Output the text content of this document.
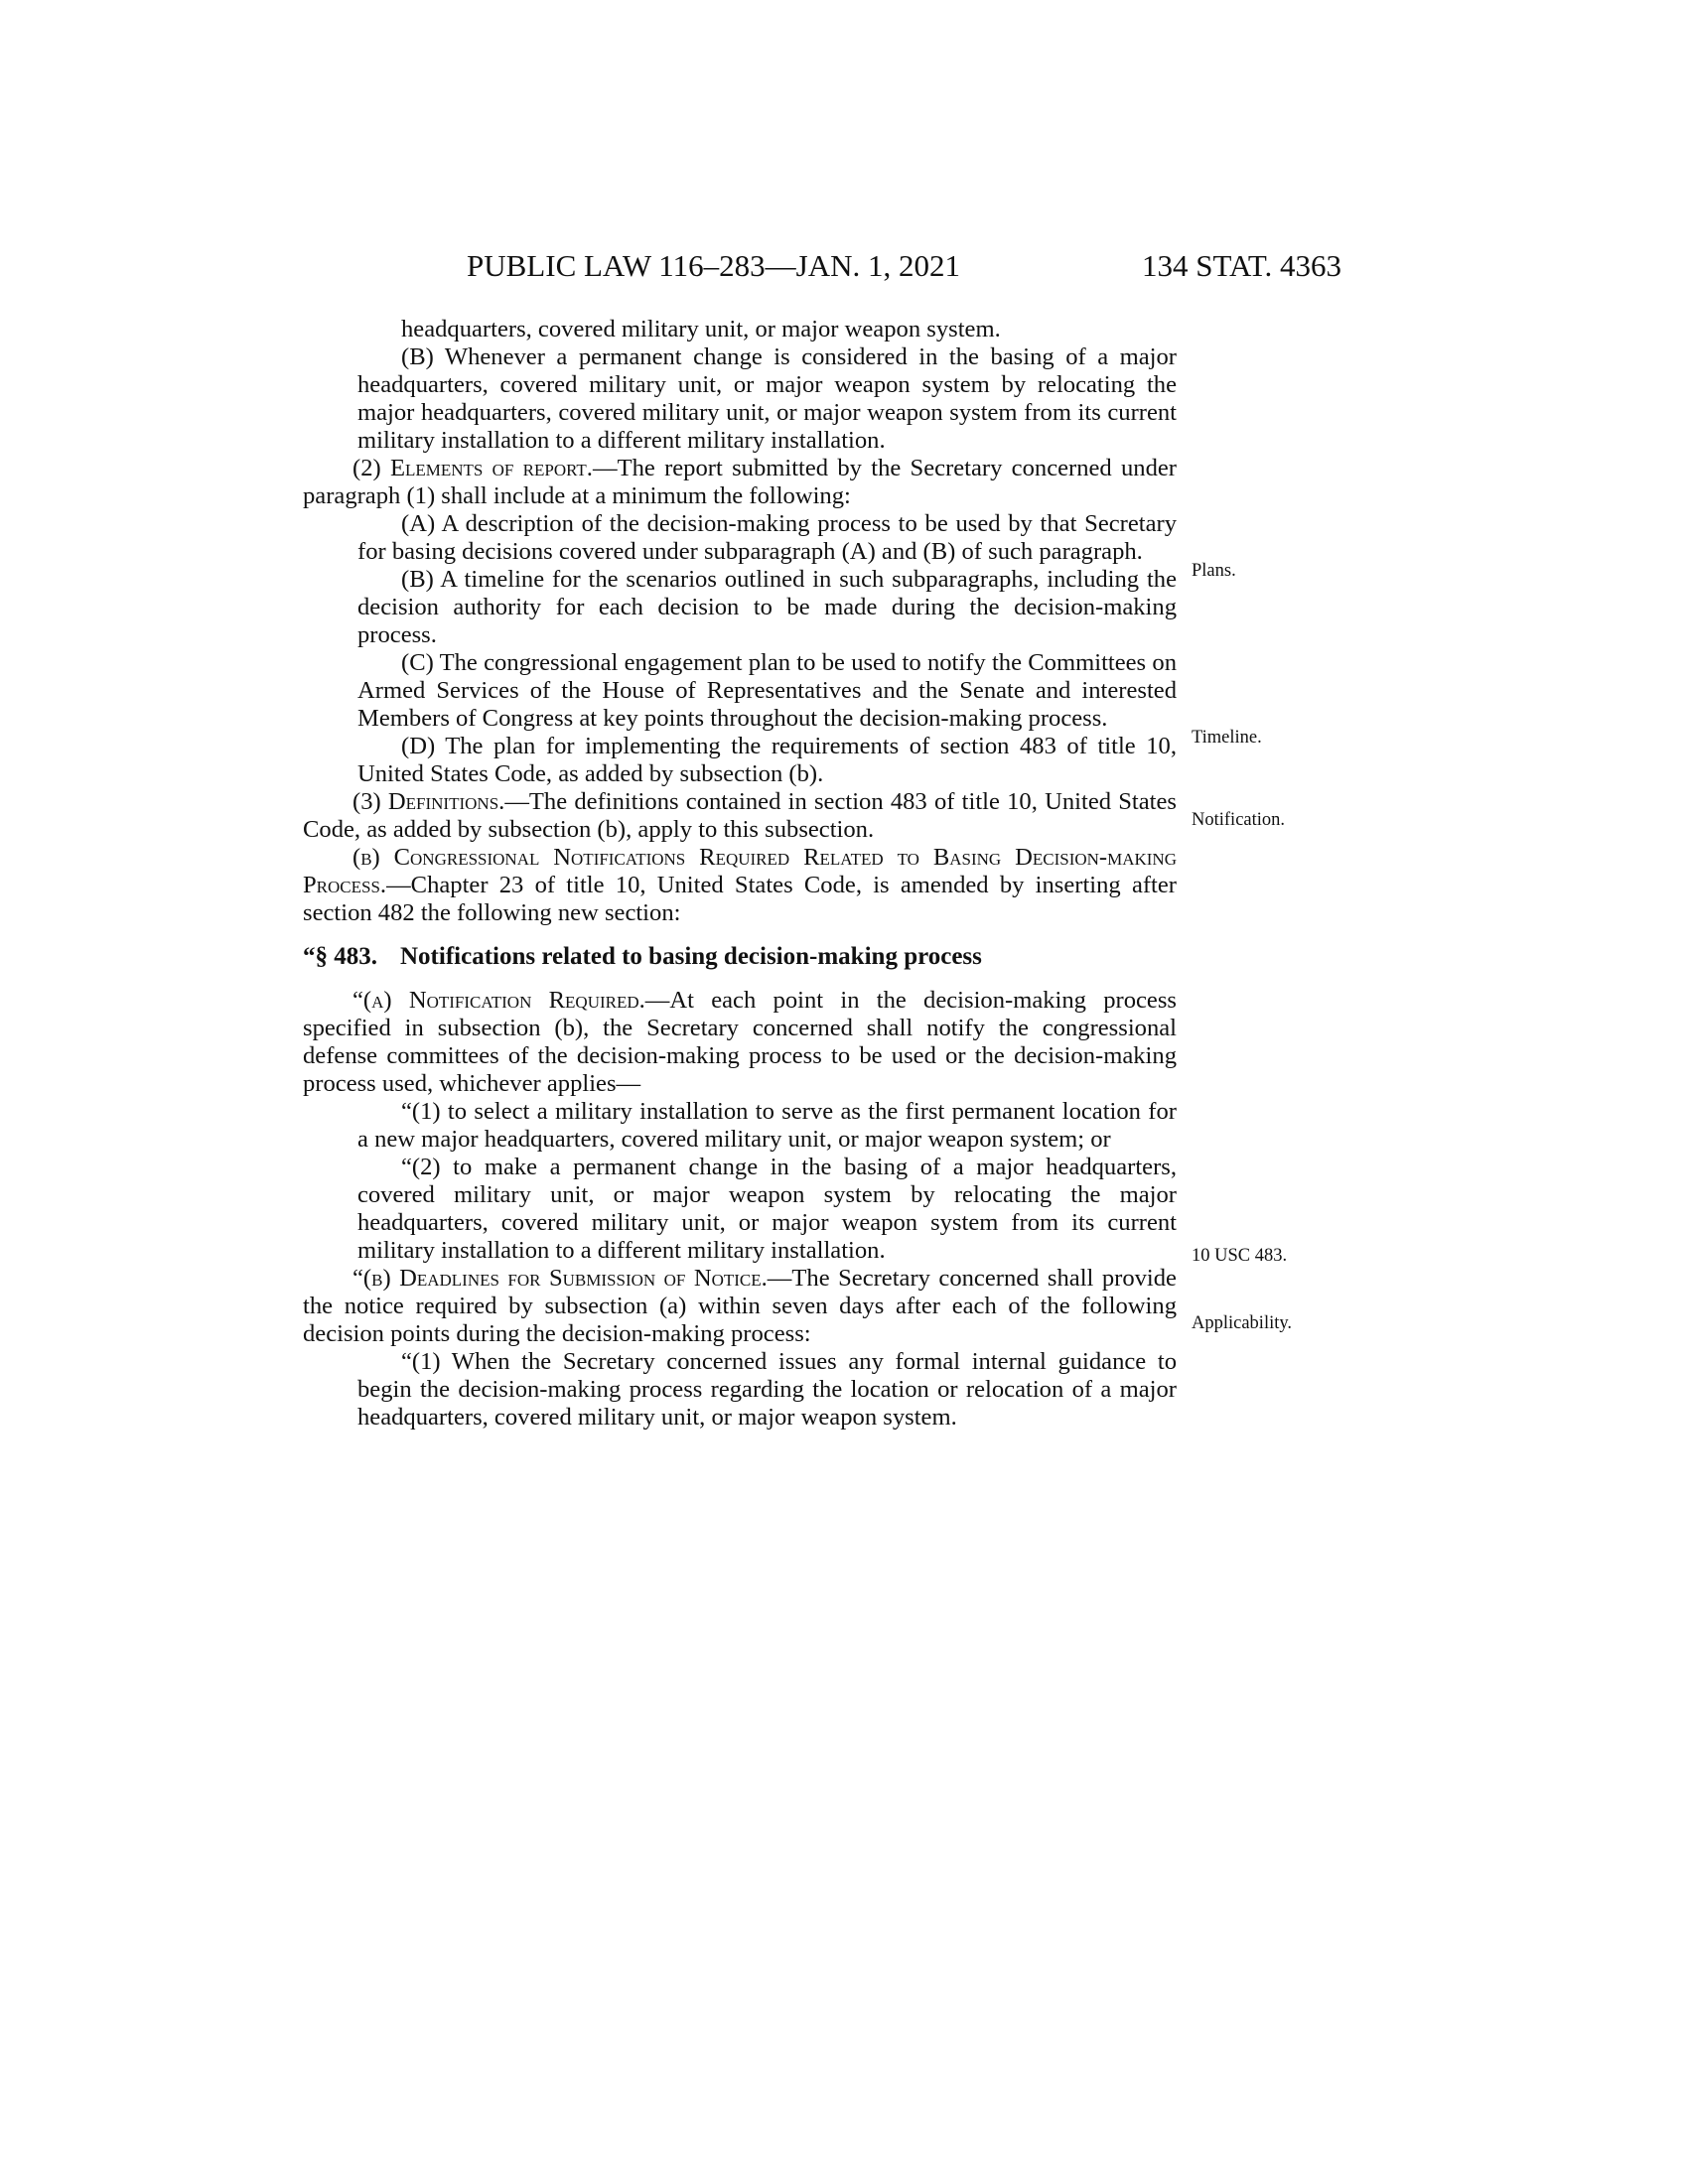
PUBLIC LAW 116–283—JAN. 1, 2021	134 STAT. 4363

headquarters, covered military unit, or major weapon system.

(B) Whenever a permanent change is considered in the basing of a major headquarters, covered military unit, or major weapon system by relocating the major headquarters, covered military unit, or major weapon system from its current military installation to a different military installation.

(2) Elements of report.—The report submitted by the Secretary concerned under paragraph (1) shall include at a minimum the following:

(A) A description of the decision-making process to be used by that Secretary for basing decisions covered under subparagraph (A) and (B) of such paragraph.

(B) A timeline for the scenarios outlined in such subparagraphs, including the decision authority for each decision to be made during the decision-making process.

(C) The congressional engagement plan to be used to notify the Committees on Armed Services of the House of Representatives and the Senate and interested Members of Congress at key points throughout the decision-making process.

(D) The plan for implementing the requirements of section 483 of title 10, United States Code, as added by subsection (b).

(3) Definitions.—The definitions contained in section 483 of title 10, United States Code, as added by subsection (b), apply to this subsection.

(b) Congressional Notifications Required Related to Basing Decision-making Process.—Chapter 23 of title 10, United States Code, is amended by inserting after section 482 the following new section:

“§ 483. Notifications related to basing decision-making process

“(a) Notification Required.—At each point in the decision-making process specified in subsection (b), the Secretary concerned shall notify the congressional defense committees of the decision-making process to be used or the decision-making process used, whichever applies—

“(1) to select a military installation to serve as the first permanent location for a new major headquarters, covered military unit, or major weapon system; or

“(2) to make a permanent change in the basing of a major headquarters, covered military unit, or major weapon system by relocating the major headquarters, covered military unit, or major weapon system from its current military installation to a different military installation.

“(b) Deadlines for Submission of Notice.—The Secretary concerned shall provide the notice required by subsection (a) within seven days after each of the following decision points during the decision-making process:

“(1) When the Secretary concerned issues any formal internal guidance to begin the decision-making process regarding the location or relocation of a major headquarters, covered military unit, or major weapon system.

Plans.
Timeline.
Notification.
10 USC 483.
Applicability.
